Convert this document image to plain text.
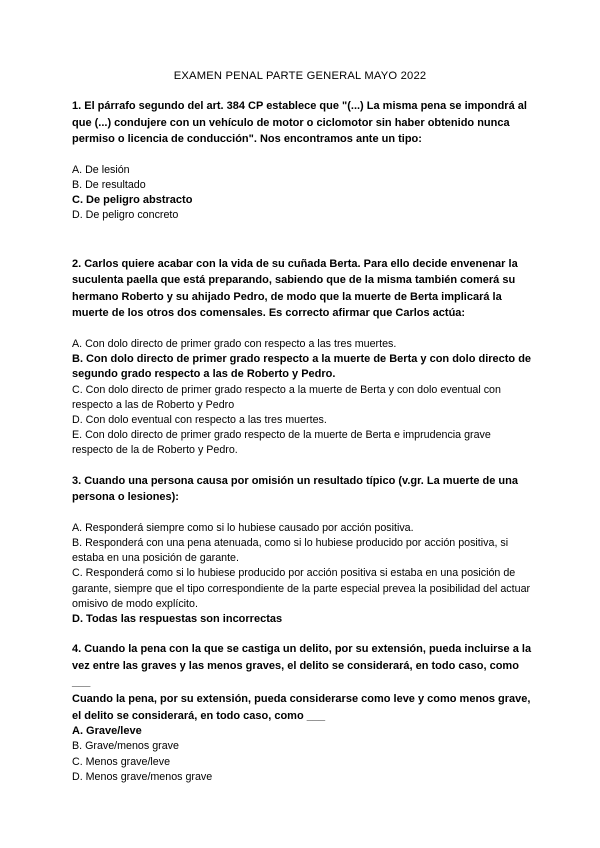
EXAMEN PENAL PARTE GENERAL MAYO 2022

1. El párrafo segundo del art. 384 CP establece que "(...) La misma pena se impondrá al que (...) condujere con un vehículo de motor o ciclomotor sin haber obtenido nunca permiso o licencia de conducción". Nos encontramos ante un tipo:

A. De lesión
B. De resultado
C. De peligro abstracto
D. De peligro concreto

2. Carlos quiere acabar con la vida de su cuñada Berta. Para ello decide envenenar la suculenta paella que está preparando, sabiendo que de la misma también comerá su hermano Roberto y su ahijado Pedro, de modo que la muerte de Berta implicará la muerte de los otros dos comensales. Es correcto afirmar que Carlos actúa:

A. Con dolo directo de primer grado con respecto a las tres muertes.
B. Con dolo directo de primer grado respecto a la muerte de Berta y con dolo directo de segundo grado respecto a las de Roberto y Pedro.
C. Con dolo directo de primer grado respecto a la muerte de Berta y con dolo eventual con respecto a las de Roberto y Pedro
D. Con dolo eventual con respecto a las tres muertes.
E. Con dolo directo de primer grado respecto de la muerte de Berta e imprudencia grave respecto de la de Roberto y Pedro.

3. Cuando una persona causa por omisión un resultado típico (v.gr. La muerte de una persona o lesiones):

A. Responderá siempre como si lo hubiese causado por acción positiva.
B. Responderá con una pena atenuada, como si lo hubiese producido por acción positiva, si estaba en una posición de garante.
C. Responderá como si lo hubiese producido por acción positiva si estaba en una posición de garante, siempre que el tipo correspondiente de la parte especial prevea la posibilidad del actuar omisivo de modo explícito.
D. Todas las respuestas son incorrectas

4. Cuando la pena con la que se castiga un delito, por su extensión, pueda incluirse a la vez entre las graves y las menos graves, el delito se considerará, en todo caso, como ___

Cuando la pena, por su extensión, pueda considerarse como leve y como menos grave, el delito se considerará, en todo caso, como ___

A. Grave/leve
B. Grave/menos grave
C. Menos grave/leve
D. Menos grave/menos grave
